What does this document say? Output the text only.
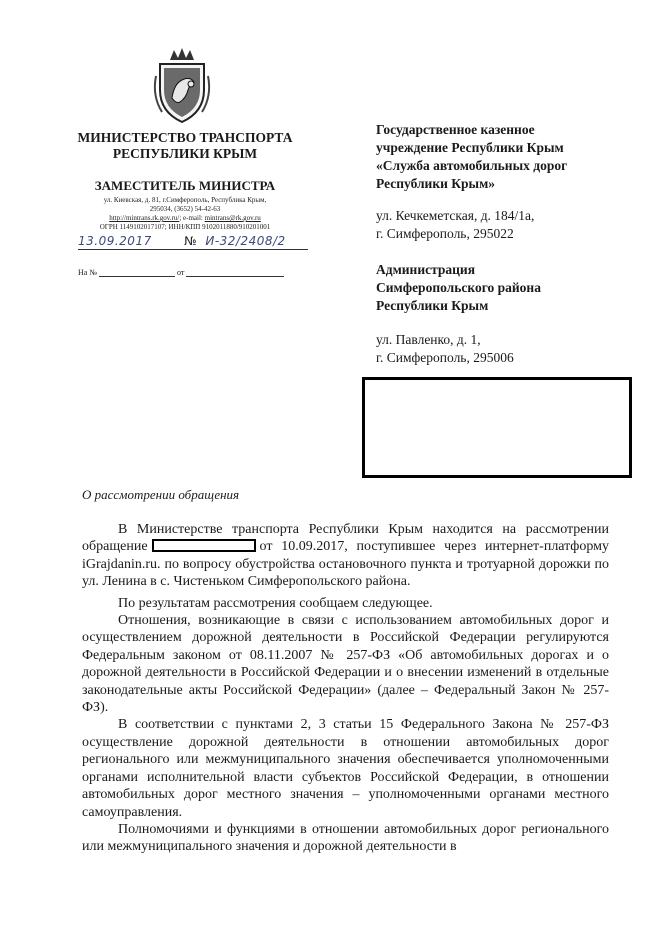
МИНИСТЕРСТВО ТРАНСПОРТА
РЕСПУБЛИКИ КРЫМ
ЗАМЕСТИТЕЛЬ МИНИСТРА
ул. Киевская, д. 81, г.Симферополь, Республика Крым,
295034, (3652) 54-42-63
http://mintrans.rk.gov.ru/; e-mail: mintrans@rk.gov.ru
ОГРН 1149102017107; ИНН/КПП 9102011880/910201001
13.09.2017	№ И-32/2408/2
На №	от
Государственное казенное
учреждение Республики Крым
«Служба автомобильных дорог
Республики Крым»
ул. Кечкеметская, д. 184/1а,
г. Симферополь, 295022
Администрация
Симферопольского района
Республики Крым
ул. Павленко, д. 1,
г. Симферополь, 295006
О рассмотрении обращения

В Министерстве транспорта Республики Крым находится на рассмотрении обращение	от 10.09.2017, поступившее через интернет-платформу iGrajdanin.ru. по вопросу обустройства остановочного пункта и тротуарной дорожки по ул. Ленина в с. Чистеньком Симферопольского района.

По результатам рассмотрения сообщаем следующее.

Отношения, возникающие в связи с использованием автомобильных дорог и осуществлением дорожной деятельности в Российской Федерации регулируются Федеральным законом от 08.11.2007 № 257-ФЗ «Об автомобильных дорогах и о дорожной деятельности в Российской Федерации и о внесении изменений в отдельные законодательные акты Российской Федерации» (далее – Федеральный Закон № 257-ФЗ).

В соответствии с пунктами 2, 3 статьи 15 Федерального Закона № 257-ФЗ осуществление дорожной деятельности в отношении автомобильных дорог регионального или межмуниципального значения обеспечивается уполномоченными органами исполнительной власти субъектов Российской Федерации, в отношении автомобильных дорог местного значения – уполномоченными органами местного самоуправления.

Полномочиями и функциями в отношении автомобильных дорог регионального или межмуниципального значения и дорожной деятельности в
